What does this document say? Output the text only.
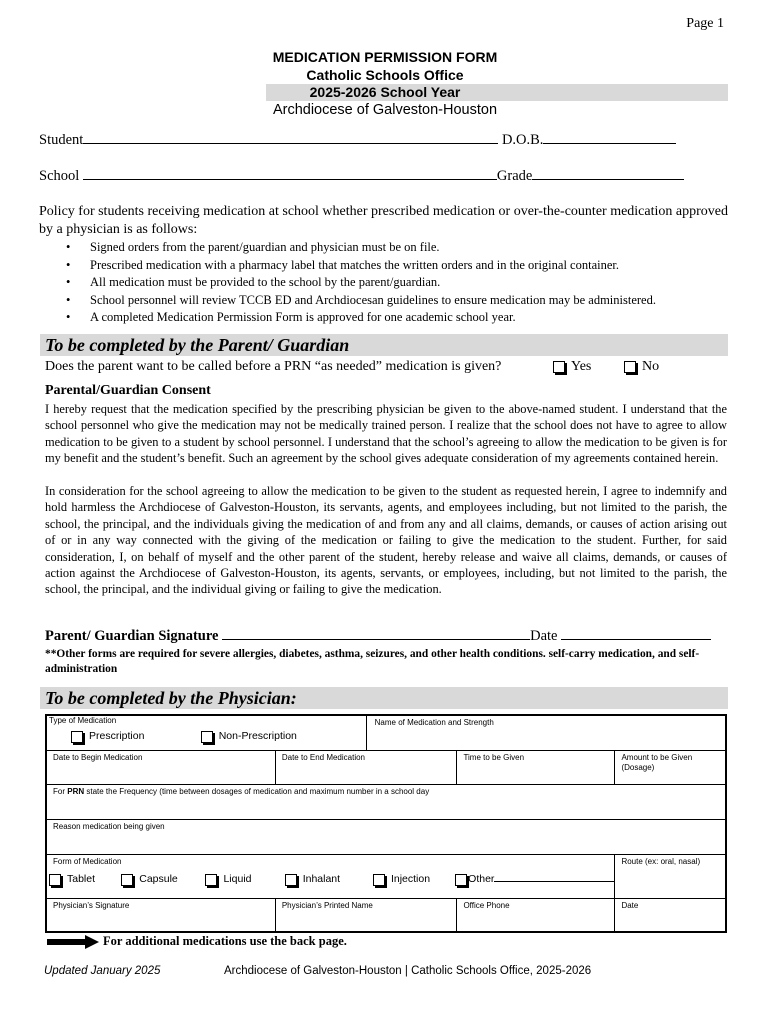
Page 1
MEDICATION PERMISSION FORM
Catholic Schools Office
2025-2026 School Year
Archdiocese of Galveston-Houston
Student	D.O.B.
School	Grade
Policy for students receiving medication at school whether prescribed medication or over-the-counter medication approved by a physician is as follows:
• Signed orders from the parent/guardian and physician must be on file.
• Prescribed medication with a pharmacy label that matches the written orders and in the original container.
• All medication must be provided to the school by the parent/guardian.
• School personnel will review TCCB ED and Archdiocesan guidelines to ensure medication may be administered.
• A completed Medication Permission Form is approved for one academic school year.
To be completed by the Parent/ Guardian
Does the parent want to be called before a PRN “as needed” medication is given?	Yes	No
Parental/Guardian Consent
I hereby request that the medication specified by the prescribing physician be given to the above-named student. I understand that the school personnel who give the medication may not be medically trained person. I realize that the school does not have to agree to allow medication to be given to a student by school personnel. I understand that the school’s agreeing to allow the medication to be given is for my benefit and the student’s benefit. Such an agreement by the school gives adequate consideration of my agreements contained herein.
In consideration for the school agreeing to allow the medication to be given to the student as requested herein, I agree to indemnify and hold harmless the Archdiocese of Galveston-Houston, its servants, agents, and employees including, but not limited to the parish, the school, the principal, and the individuals giving the medication of and from any and all claims, demands, or causes of action arising out of or in any way connected with the giving of the medication or failing to give the medication to the student. Further, for said consideration, I, on behalf of myself and the other parent of the student, hereby release and waive all claims, demands, or causes of action against the Archdiocese of Galveston-Houston, its agents, servants, or employees, including, but not limited to the parish, the school, the principal, and the individual giving or failing to give the medication.
Parent/ Guardian Signature	Date
**Other forms are required for severe allergies, diabetes, asthma, seizures, and other health conditions. self-carry medication, and self-administration
To be completed by the Physician:
Type of Medication
Prescription Non-Prescription		Name of Medication and Strength		
Date to Begin Medication	Date to End Medication		Time to be Given	Amount to be Given (Dosage)
For PRN state the Frequency (time between dosages of medication and maximum number in a school day				
Reason medication being given				

Form of Medication
Tablet Capsule Liquid Inhalant Injection Other				Route (ex: oral, nasal)
Physician’s Signature	Physician’s Printed Name		Office Phone	Date
For additional medications use the back page.
Updated January 2025	Archdiocese of Galveston-Houston | Catholic Schools Office, 2025-2026
